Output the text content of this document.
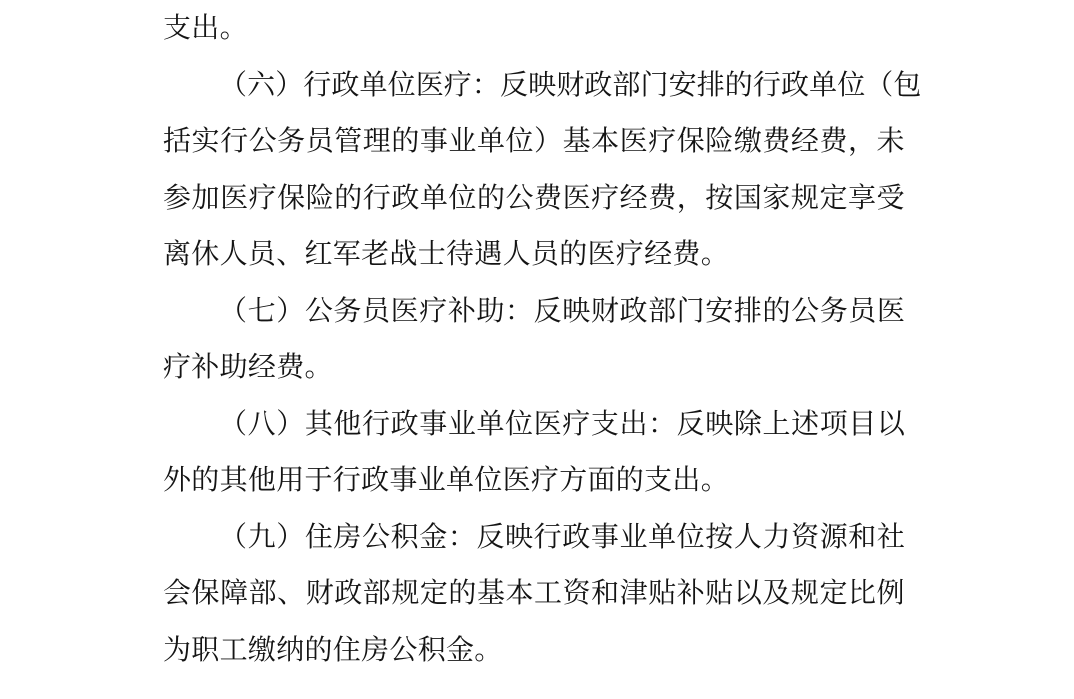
支出。
（六）行政单位医疗：反映财政部门安排的行政单位（包
括实行公务员管理的事业单位）基本医疗保险缴费经费，未
参加医疗保险的行政单位的公费医疗经费，按国家规定享受
离休人员、红军老战士待遇人员的医疗经费。
（七）公务员医疗补助：反映财政部门安排的公务员医
疗补助经费。
（八）其他行政事业单位医疗支出：反映除上述项目以
外的其他用于行政事业单位医疗方面的支出。
（九）住房公积金：反映行政事业单位按人力资源和社
会保障部、财政部规定的基本工资和津贴补贴以及规定比例
为职工缴纳的住房公积金。
